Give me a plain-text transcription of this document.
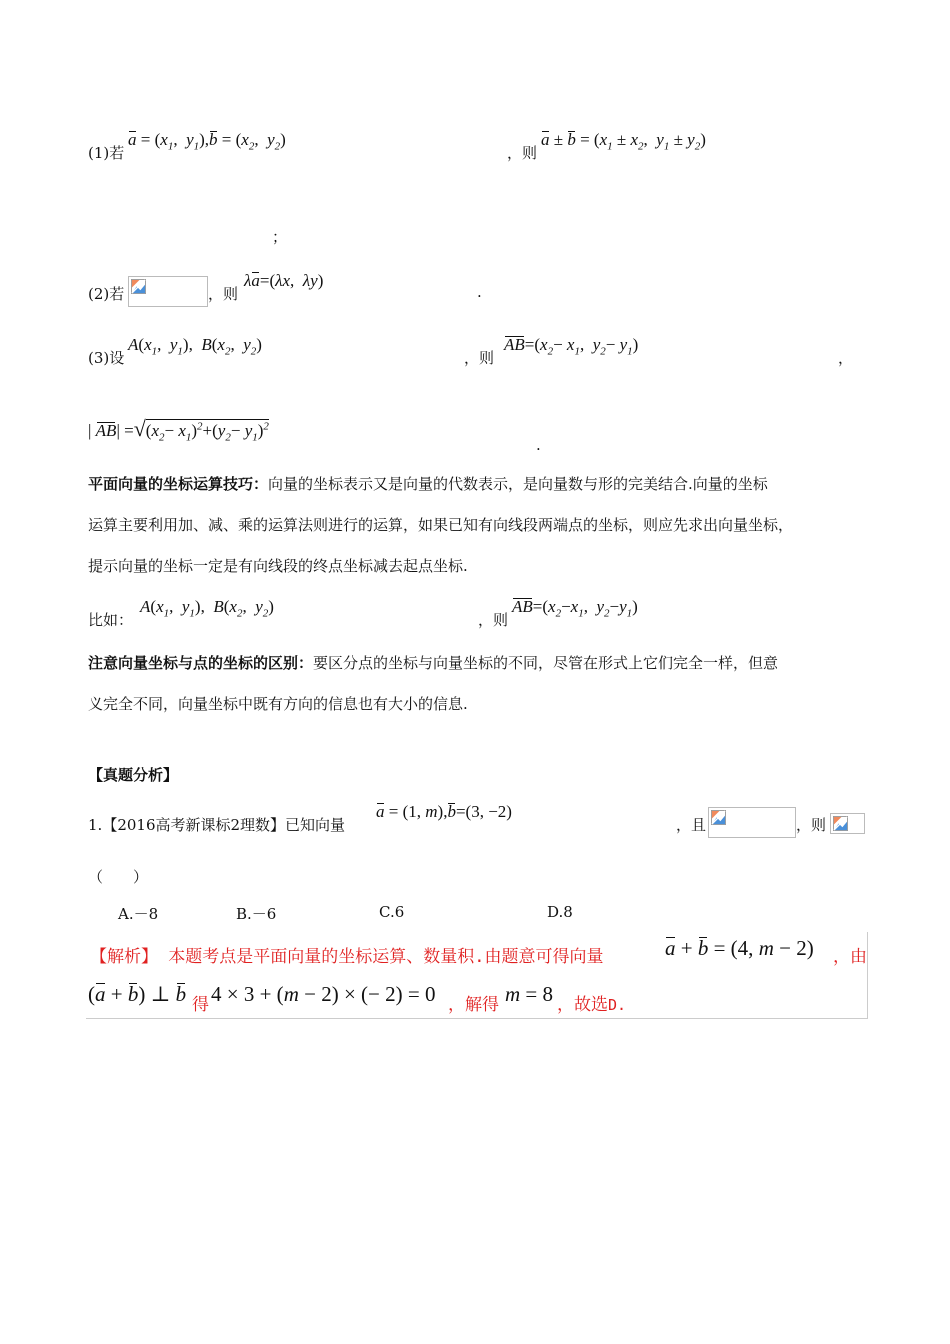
(1)若
$a = (x_1$,  $y_1),b = (x_2$,  $y_2$)
，则
$a \pm b = (x_1 \pm x_2$,  $y_1 \pm y_2$)
；
(2)若	，则
λa=(λx,  λy)
.
(3)设
$A(x_1$,  $y_1$),  $B(x_2$,  $y_2$)
，则
$AB=(x_2- x_1$,  $y_2- y_1$)
，
| $AB| =√(x_2- x_1)^2+(y_2- y_1)^2$
.
平面向量的坐标运算技巧：向量的坐标表示又是向量的代数表示，是向量数与形的完美结合.向量的坐标
运算主要利用加、减、乘的运算法则进行的运算，如果已知有向线段两端点的坐标，则应先求出向量坐标，
提示向量的坐标一定是有向线段的终点坐标减去起点坐标.
比如：
$A(x_1$,  $y_1$),  $B(x_2$,  $y_2$)
，则
$AB=(x_2-x_1$,  $y_2-y_1$)
注意向量坐标与点的坐标的区别：要区分点的坐标与向量坐标的不同，尽管在形式上它们完全一样，但意
义完全不同，向量坐标中既有方向的信息也有大小的信息.
【真题分析】
1.【2016高考新课标2理数】已知向量
a = (1, m),b=(3, −2)
，且	，则
（　　）
A.－8	B.－6	C.6	D.8
【解析】 本题考点是平面向量的坐标运算、数量积.由题意可得向量	a + b = (4, m − 2) ，由
(a + b) ⊥ b 得 4 × 3 + (m − 2) × (− 2) = 0 ，解得 m = 8 ，故选D.
